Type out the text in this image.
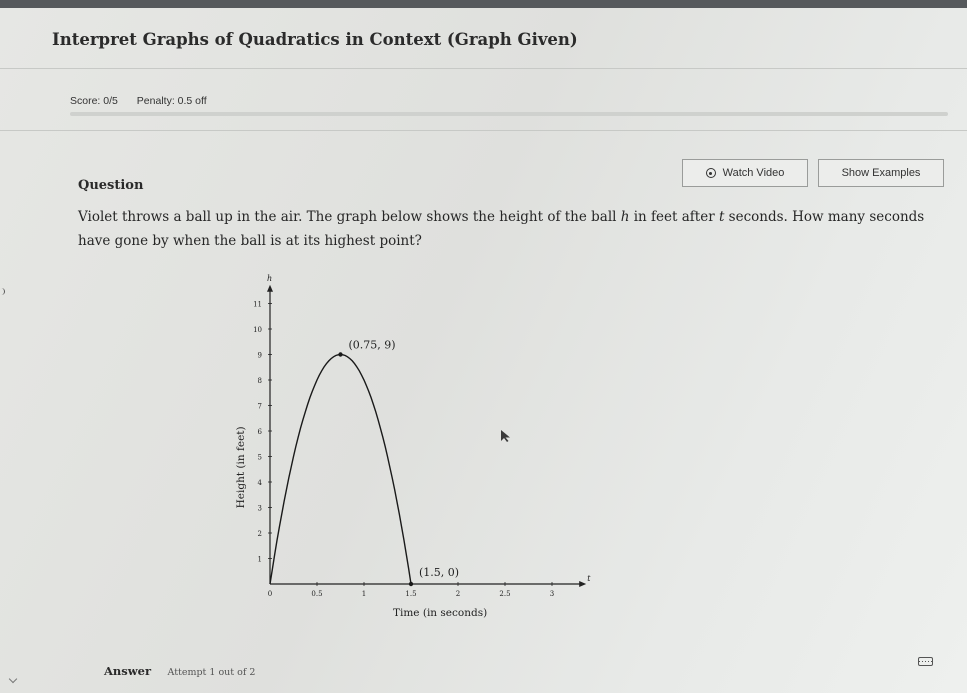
Interpret Graphs of Quadratics in Context (Graph Given)
Score: 0/5 Penalty: 0.5 off
Question
Watch Video	Show Examples
Violet throws a ball up in the air. The graph below shows the height of the ball h in feet after t seconds. How many seconds have gone by when the ball is at its highest point?
h
t
0	0.5	1	1.5	2	2.5	3
1
2
3
4
5
6
7
8
9
10
11
Time (in seconds)
Height (in feet)
(0.75, 9)
(1.5, 0)
Answer Attempt 1 out of 2
